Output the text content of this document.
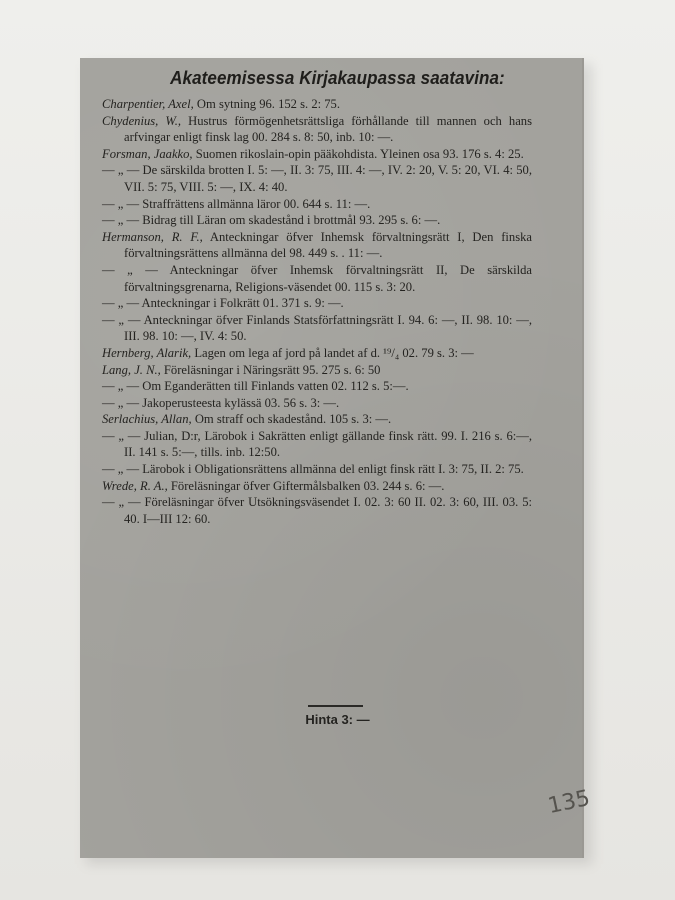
Akateemisessa Kirjakaupassa saatavina:
Charpentier, Axel, Om sytning 96. 152 s. 2: 75.
Chydenius, W., Hustrus förmögenhetsrättsliga förhållande till mannen och hans arfvingar enligt finsk lag 00. 284 s. 8: 50, inb. 10: —.
Forsman, Jaakko, Suomen rikoslain-opin pääkohdista. Yleinen osa 93. 176 s. 4: 25.
— „ — De särskilda brotten I. 5: —, II. 3: 75, III. 4: —, IV. 2: 20, V. 5: 20, VI. 4: 50, VII. 5: 75, VIII. 5: —, IX. 4: 40.
— „ — Straffrättens allmänna läror 00. 644 s. 11: —.
— „ — Bidrag till Läran om skadestånd i brottmål 93. 295 s. 6: —.
Hermanson, R. F., Anteckningar öfver Inhemsk förvaltningsrätt I, Den finska förvaltningsrättens allmänna del 98. 449 s. . 11: —.
— „ — Anteckningar öfver Inhemsk förvaltningsrätt II, De särskilda förvaltningsgrenarna, Religions-väsendet 00. 115 s. 3: 20.
— „ — Anteckningar i Folkrätt 01. 371 s. 9: —.
— „ — Anteckningar öfver Finlands Statsförfattningsrätt I. 94. 6: —, II. 98. 10: —, III. 98. 10: —, IV. 4: 50.
Hernberg, Alarik, Lagen om lega af jord på landet af d. ¹⁹/₄ 02. 79 s. 3: —
Lang, J. N., Föreläsningar i Näringsrätt 95. 275 s. 6: 50
— „ — Om Eganderätten till Finlands vatten 02. 112 s. 5:—.
— „ — Jakoperusteesta kylässä 03. 56 s. 3: —.
Serlachius, Allan, Om straff och skadestånd. 105 s. 3: —.
— „ — Julian, D:r, Lärobok i Sakrätten enligt gällande finsk rätt. 99. I. 216 s. 6:—, II. 141 s. 5:—, tills. inb. 12:50.
— „ — Lärobok i Obligationsrättens allmänna del enligt finsk rätt I. 3: 75, II. 2: 75.
Wrede, R. A., Föreläsningar öfver Giftermålsbalken 03. 244 s. 6: —.
— „ — Föreläsningar öfver Utsökningsväsendet I. 02. 3: 60 II. 02. 3: 60, III. 03. 5: 40. I—III 12: 60.
Hinta 3: —
135
